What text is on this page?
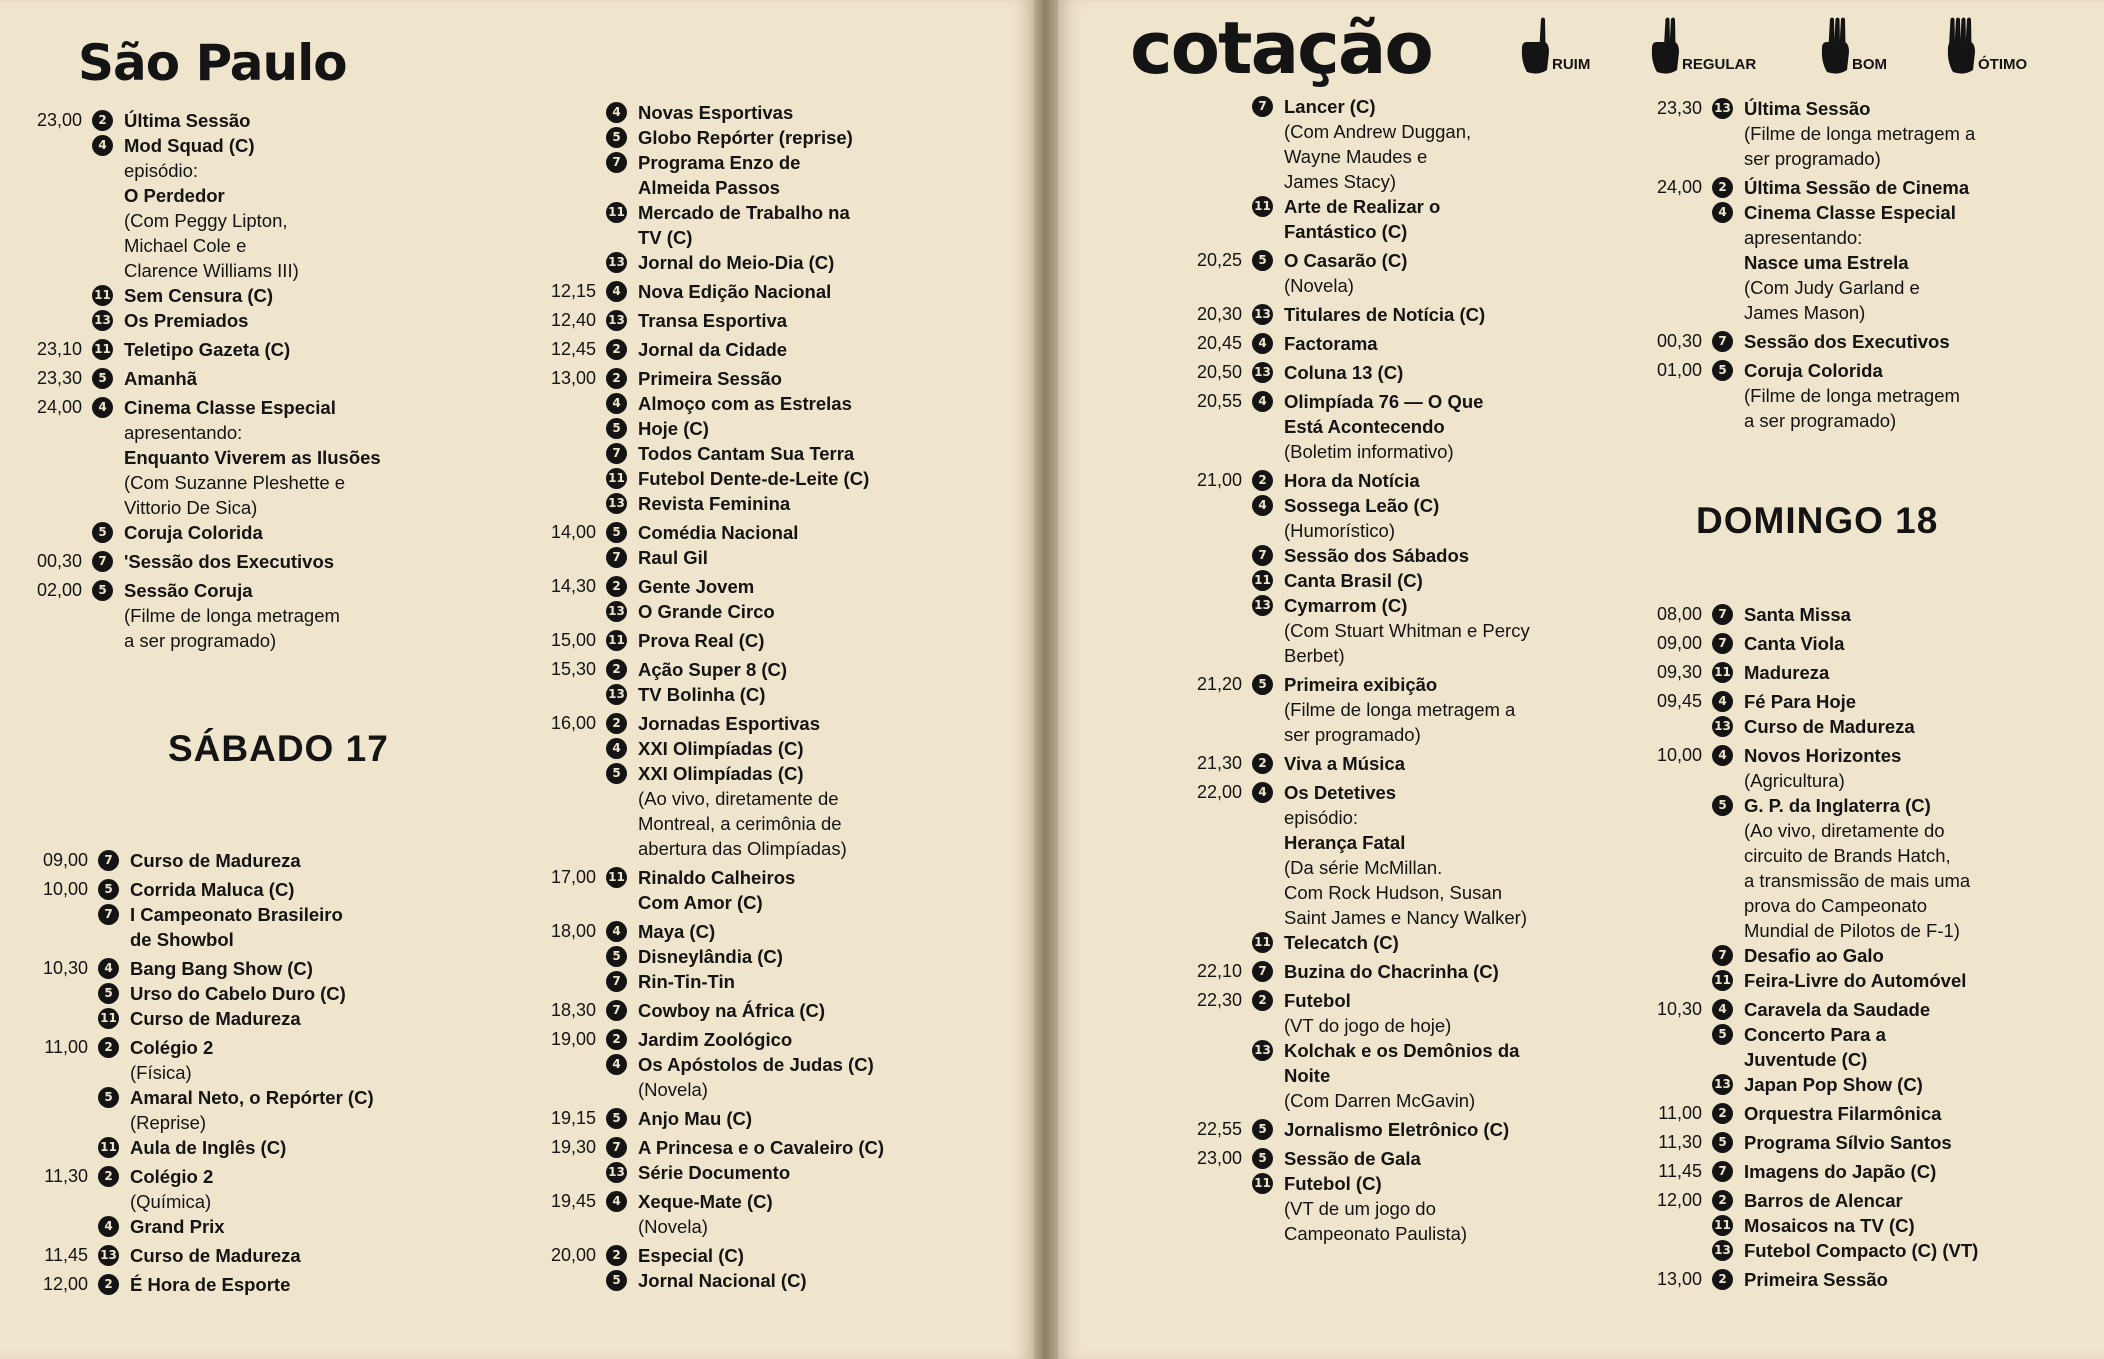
São Paulo
23,00	2 Última Sessão
4 Mod Squad (C)
episódio:
O Perdedor
(Com Peggy Lipton,
Michael Cole e
Clarence Williams III)
11 Sem Censura (C)
13 Os Premiados
23,10 11 Teletipo Gazeta (C)
23,30	5 Amanhã
24,00	4 Cinema Classe Especial
apresentando:
Enquanto Viverem as Ilusões
(Com Suzanne Pleshette e
Vittorio De Sica)
5 Coruja Colorida
00,30	7 'Sessão dos Executivos
02,00	5 Sessão Coruja
(Filme de longa metragem
a ser programado)
SÁBADO 17
09,00	7 Curso de Madureza
10,00	5 Corrida Maluca (C)
7 I Campeonato Brasileiro
de Showbol
10,30	4 Bang Bang Show (C)
5 Urso do Cabelo Duro (C)
11 Curso de Madureza
11,00	2 Colégio 2
(Física)
5 Amaral Neto, o Repórter (C)
(Reprise)
11 Aula de Inglês (C)
11,30	2 Colégio 2
(Química)
4 Grand Prix
11,45 13 Curso de Madureza
12,00	2 É Hora de Esporte
4 Novas Esportivas
5 Globo Repórter (reprise)
7 Programa Enzo de
Almeida Passos
11 Mercado de Trabalho na
TV (C)
13 Jornal do Meio-Dia (C)
12,15	4 Nova Edição Nacional
12,40 13 Transa Esportiva
12,45	2 Jornal da Cidade
13,00	2 Primeira Sessão
4 Almoço com as Estrelas
5 Hoje (C)
7 Todos Cantam Sua Terra
11 Futebol Dente-de-Leite (C)
13 Revista Feminina
14,00	5 Comédia Nacional
7 Raul Gil
14,30	2 Gente Jovem
13 O Grande Circo
15,00 11 Prova Real (C)
15,30	2 Ação Super 8 (C)
13 TV Bolinha (C)
16,00	2 Jornadas Esportivas
4 XXI Olimpíadas (C)
5 XXI Olimpíadas (C)
(Ao vivo, diretamente de
Montreal, a cerimônia de
abertura das Olimpíadas)
17,00 11 Rinaldo Calheiros
Com Amor (C)
18,00	4 Maya (C)
5 Disneylândia (C)
7 Rin-Tin-Tin
18,30	7 Cowboy na África (C)
19,00	2 Jardim Zoológico
4 Os Apóstolos de Judas (C)
(Novela)
19,15	5 Anjo Mau (C)
19,30	7 A Princesa e o Cavaleiro (C)
13 Série Documento
19,45	4 Xeque-Mate (C)
(Novela)
20,00	2 Especial (C)
5 Jornal Nacional (C)
cotação	RUIM	REGULAR	BOM	ÓTIMO
7 Lancer (C)
(Com Andrew Duggan,
Wayne Maudes e
James Stacy)
11 Arte de Realizar o
Fantástico (C)
20,25	5 O Casarão (C)
(Novela)
20,30 13 Titulares de Notícia (C)
20,45	4 Factorama
20,50 13 Coluna 13 (C)
20,55	4 Olimpíada 76 — O Que
Está Acontecendo
(Boletim informativo)
21,00	2 Hora da Notícia
4 Sossega Leão (C)
(Humorístico)
7 Sessão dos Sábados
11 Canta Brasil (C)
13 Cymarrom (C)
(Com Stuart Whitman e Percy
Berbet)
21,20	5 Primeira exibição
(Filme de longa metragem a
ser programado)
21,30	2 Viva a Música
22,00	4 Os Detetives
episódio:
Herança Fatal
(Da série McMillan.
Com Rock Hudson, Susan
Saint James e Nancy Walker)
11 Telecatch (C)
22,10	7 Buzina do Chacrinha (C)
22,30	2 Futebol
(VT do jogo de hoje)
13 Kolchak e os Demônios da
Noite
(Com Darren McGavin)
22,55	5 Jornalismo Eletrônico (C)
23,00	5 Sessão de Gala
11 Futebol (C)
(VT de um jogo do
Campeonato Paulista)
23,30 13 Última Sessão
(Filme de longa metragem a
ser programado)
24,00	2 Última Sessão de Cinema
4 Cinema Classe Especial
apresentando:
Nasce uma Estrela
(Com Judy Garland e
James Mason)
00,30	7 Sessão dos Executivos
01,00	5 Coruja Colorida
(Filme de longa metragem
a ser programado)
DOMINGO 18
08,00	7 Santa Missa
09,00	7 Canta Viola
09,30 11 Madureza
09,45	4 Fé Para Hoje
13 Curso de Madureza
10,00	4 Novos Horizontes
(Agricultura)
5 G. P. da Inglaterra (C)
(Ao vivo, diretamente do
circuito de Brands Hatch,
a transmissão de mais uma
prova do Campeonato
Mundial de Pilotos de F-1)
7 Desafio ao Galo
11 Feira-Livre do Automóvel
10,30	4 Caravela da Saudade
5 Concerto Para a
Juventude (C)
13 Japan Pop Show (C)
11,00	2 Orquestra Filarmônica
11,30	5 Programa Sílvio Santos
11,45	7 Imagens do Japão (C)
12,00	2 Barros de Alencar
11 Mosaicos na TV (C)
13 Futebol Compacto (C) (VT)
13,00	2 Primeira Sessão
